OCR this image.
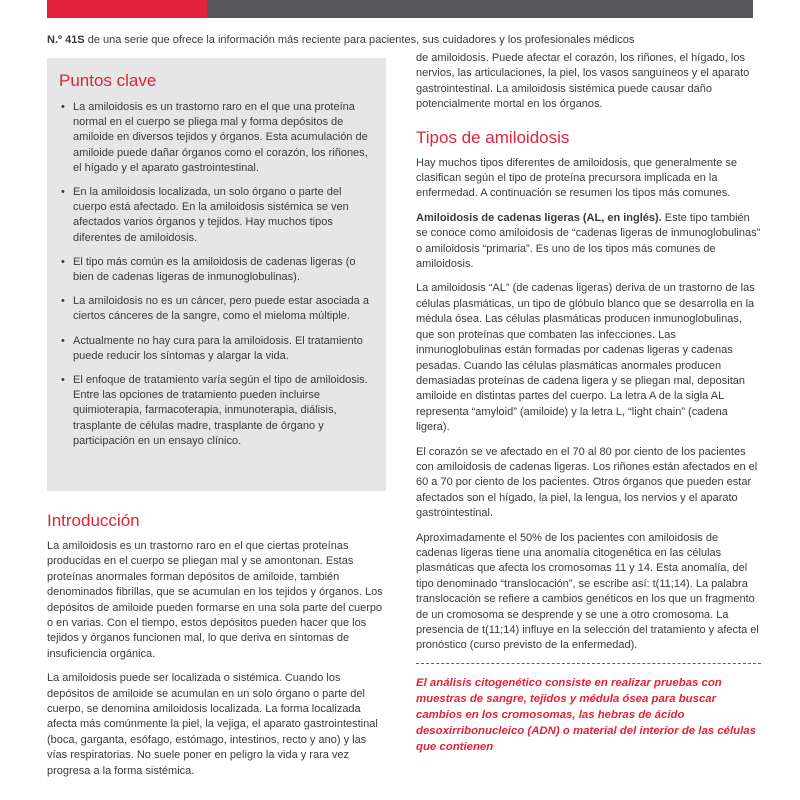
N.º 41S de una serie que ofrece la información más reciente para pacientes, sus cuidadores y los profesionales médicos
Puntos clave
• La amiloidosis es un trastorno raro en el que una proteína normal en el cuerpo se pliega mal y forma depósitos de amiloide en diversos tejidos y órganos. Esta acumulación de amiloide puede dañar órganos como el corazón, los riñones, el hígado y el aparato gastrointestinal.
• En la amiloidosis localizada, un solo órgano o parte del cuerpo está afectado. En la amiloidosis sistémica se ven afectados varios órganos y tejidos. Hay muchos tipos diferentes de amiloidosis.
• El tipo más común es la amiloidosis de cadenas ligeras (o bien de cadenas ligeras de inmunoglobulinas).
• La amiloidosis no es un cáncer, pero puede estar asociada a ciertos cánceres de la sangre, como el mieloma múltiple.
• Actualmente no hay cura para la amiloidosis. El tratamiento puede reducir los síntomas y alargar la vida.
• El enfoque de tratamiento varía según el tipo de amiloidosis. Entre las opciones de tratamiento pueden incluirse quimioterapia, farmacoterapia, inmunoterapia, diálisis, trasplante de células madre, trasplante de órgano y participación en un ensayo clínico.
Introducción

La amiloidosis es un trastorno raro en el que ciertas proteínas producidas en el cuerpo se pliegan mal y se amontonan. Estas proteínas anormales forman depósitos de amiloide, también denominados fibrillas, que se acumulan en los tejidos y órganos. Los depósitos de amiloide pueden formarse en una sola parte del cuerpo o en varias. Con el tiempo, estos depósitos pueden hacer que los tejidos y órganos funcionen mal, lo que deriva en síntomas de insuficiencia orgánica.

La amiloidosis puede ser localizada o sistémica. Cuando los depósitos de amiloide se acumulan en un solo órgano o parte del cuerpo, se denomina amiloidosis localizada. La forma localizada afecta más comúnmente la piel, la vejiga, el aparato gastrointestinal (boca, garganta, esófago, estómago, intestinos, recto y ano) y las vías respiratorias. No suele poner en peligro la vida y rara vez progresa a la forma sistémica.

de amiloidosis. Puede afectar el corazón, los riñones, el hígado, los nervios, las articulaciones, la piel, los vasos sanguíneos y el aparato gastrointestinal. La amiloidosis sistémica puede causar daño potencialmente mortal en los órganos.

Tipos de amiloidosis

Hay muchos tipos diferentes de amiloidosis, que generalmente se clasifican según el tipo de proteína precursora implicada en la enfermedad. A continuación se resumen los tipos más comunes.

Amiloidosis de cadenas ligeras (AL, en inglés). Este tipo también se conoce como amiloidosis de “cadenas ligeras de inmunoglobulinas” o amiloidosis “primaria”. Es uno de los tipos más comunes de amiloidosis.

La amiloidosis “AL” (de cadenas ligeras) deriva de un trastorno de las células plasmáticas, un tipo de glóbulo blanco que se desarrolla en la médula ósea. Las células plasmáticas producen inmunoglobulinas, que son proteínas que combaten las infecciones. Las inmunoglobulinas están formadas por cadenas ligeras y cadenas pesadas. Cuando las células plasmáticas anormales producen demasiadas proteínas de cadena ligera y se pliegan mal, depositan amiloide en distintas partes del cuerpo. La letra A de la sigla AL representa “amyloid” (amiloide) y la letra L, “light chain” (cadena ligera).

El corazón se ve afectado en el 70 al 80 por ciento de los pacientes con amiloidosis de cadenas ligeras. Los riñones están afectados en el 60 a 70 por ciento de los pacientes. Otros órganos que pueden estar afectados son el hígado, la piel, la lengua, los nervios y el aparato gastrointestinal.

Aproximadamente el 50% de los pacientes con amiloidosis de cadenas ligeras tiene una anomalía citogenética en las células plasmáticas que afecta los cromosomas 11 y 14. Esta anomalía, del tipo denominado “translocación”, se escribe así: t(11;14). La palabra translocación se refiere a cambios genéticos en los que un fragmento de un cromosoma se desprende y se une a otro cromosoma. La presencia de t(11;14) influye en la selección del tratamiento y afecta el pronóstico (curso previsto de la enfermedad).

El análisis citogenético consiste en realizar pruebas con muestras de sangre, tejidos y médula ósea para buscar cambios en los cromosomas, las hebras de ácido desoxirribonucleico (ADN) o material del interior de las células que contienen
